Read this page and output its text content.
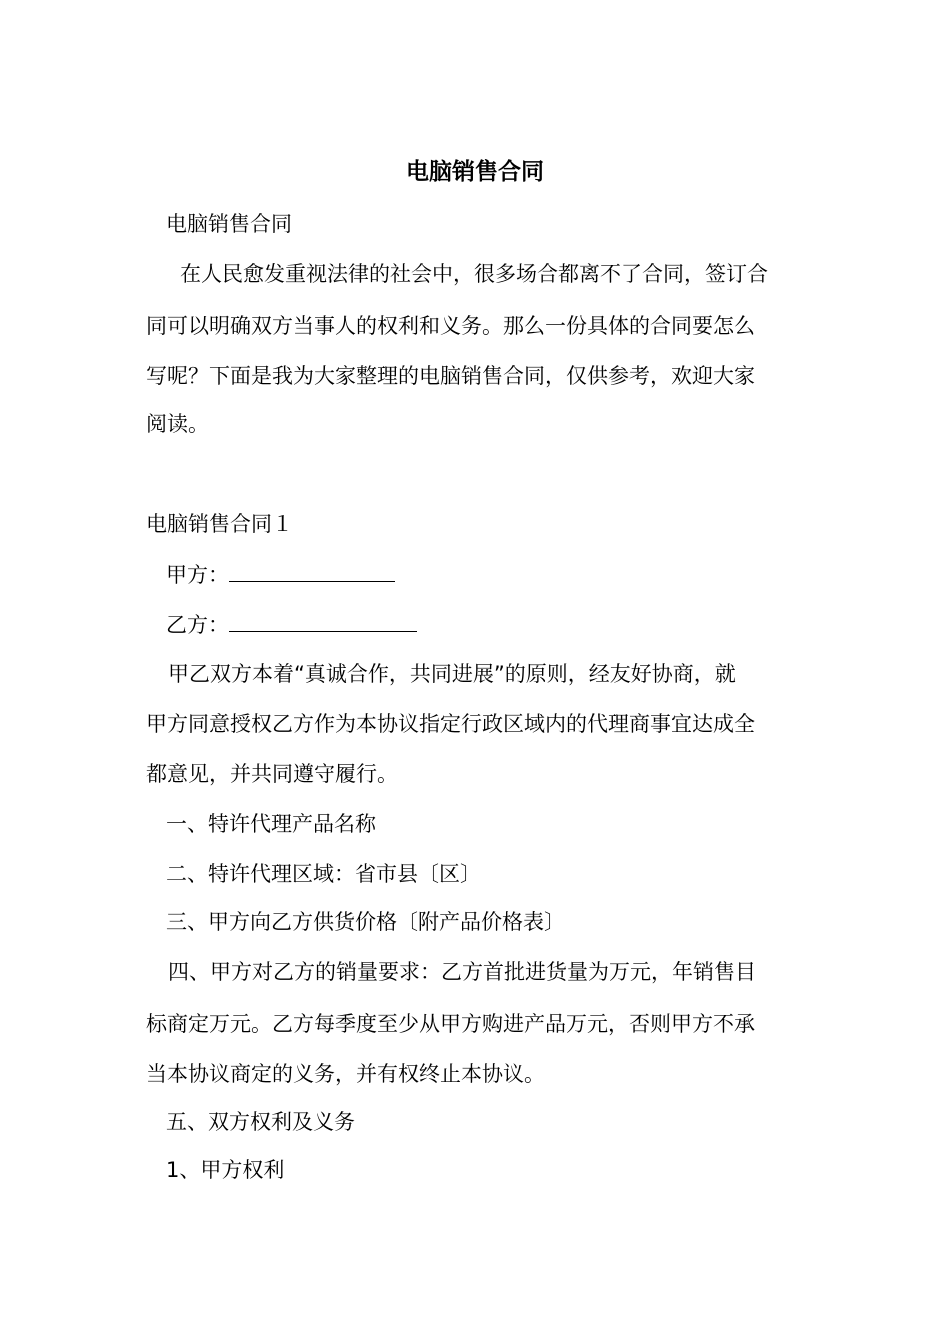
电脑销售合同
电脑销售合同
在人民愈发重视法律的社会中，很多场合都离不了合同，签订合
同可以明确双方当事人的权利和义务。那么一份具体的合同要怎么
写呢？下面是我为大家整理的电脑销售合同，仅供参考，欢迎大家
阅读。
电脑销售合同１
甲方：
乙方：
甲乙双方本着“真诚合作，共同进展”的原则，经友好协商，就
甲方同意授权乙方作为本协议指定行政区域内的代理商事宜达成全
都意见，并共同遵守履行。
一、特许代理产品名称
二、特许代理区域：省市县〔区〕
三、甲方向乙方供货价格〔附产品价格表〕
四、甲方对乙方的销量要求：乙方首批进货量为万元，年销售目
标商定万元。乙方每季度至少从甲方购进产品万元，否则甲方不承
当本协议商定的义务，并有权终止本协议。
五、双方权利及义务
1、甲方权利
